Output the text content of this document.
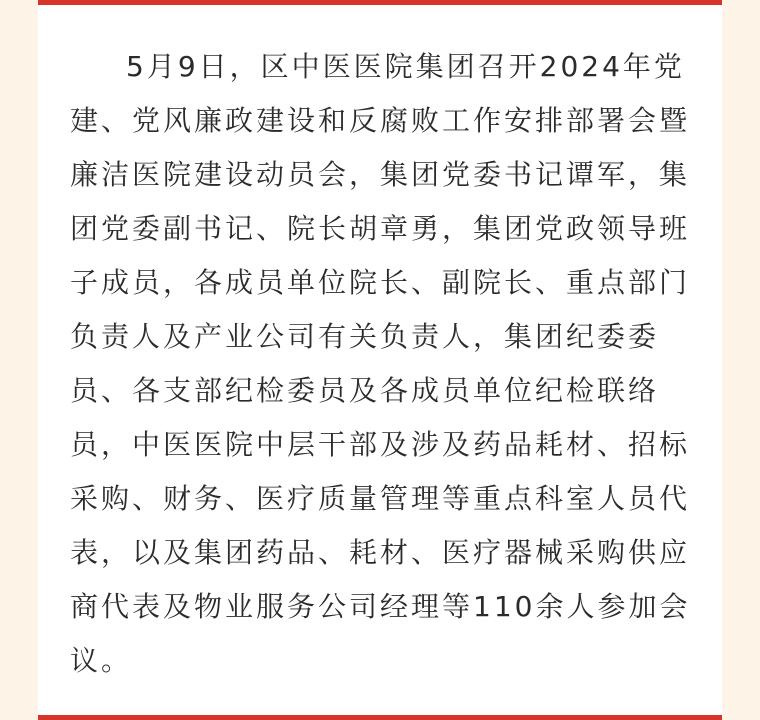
5月9日，区中医医院集团召开2024年党
建、党风廉政建设和反腐败工作安排部署会暨
廉洁医院建设动员会，集团党委书记谭军，集
团党委副书记、院长胡章勇，集团党政领导班
子成员，各成员单位院长、副院长、重点部门
负责人及产业公司有关负责人，集团纪委委
员、各支部纪检委员及各成员单位纪检联络
员，中医医院中层干部及涉及药品耗材、招标
采购、财务、医疗质量管理等重点科室人员代
表，以及集团药品、耗材、医疗器械采购供应
商代表及物业服务公司经理等110余人参加会
议。
